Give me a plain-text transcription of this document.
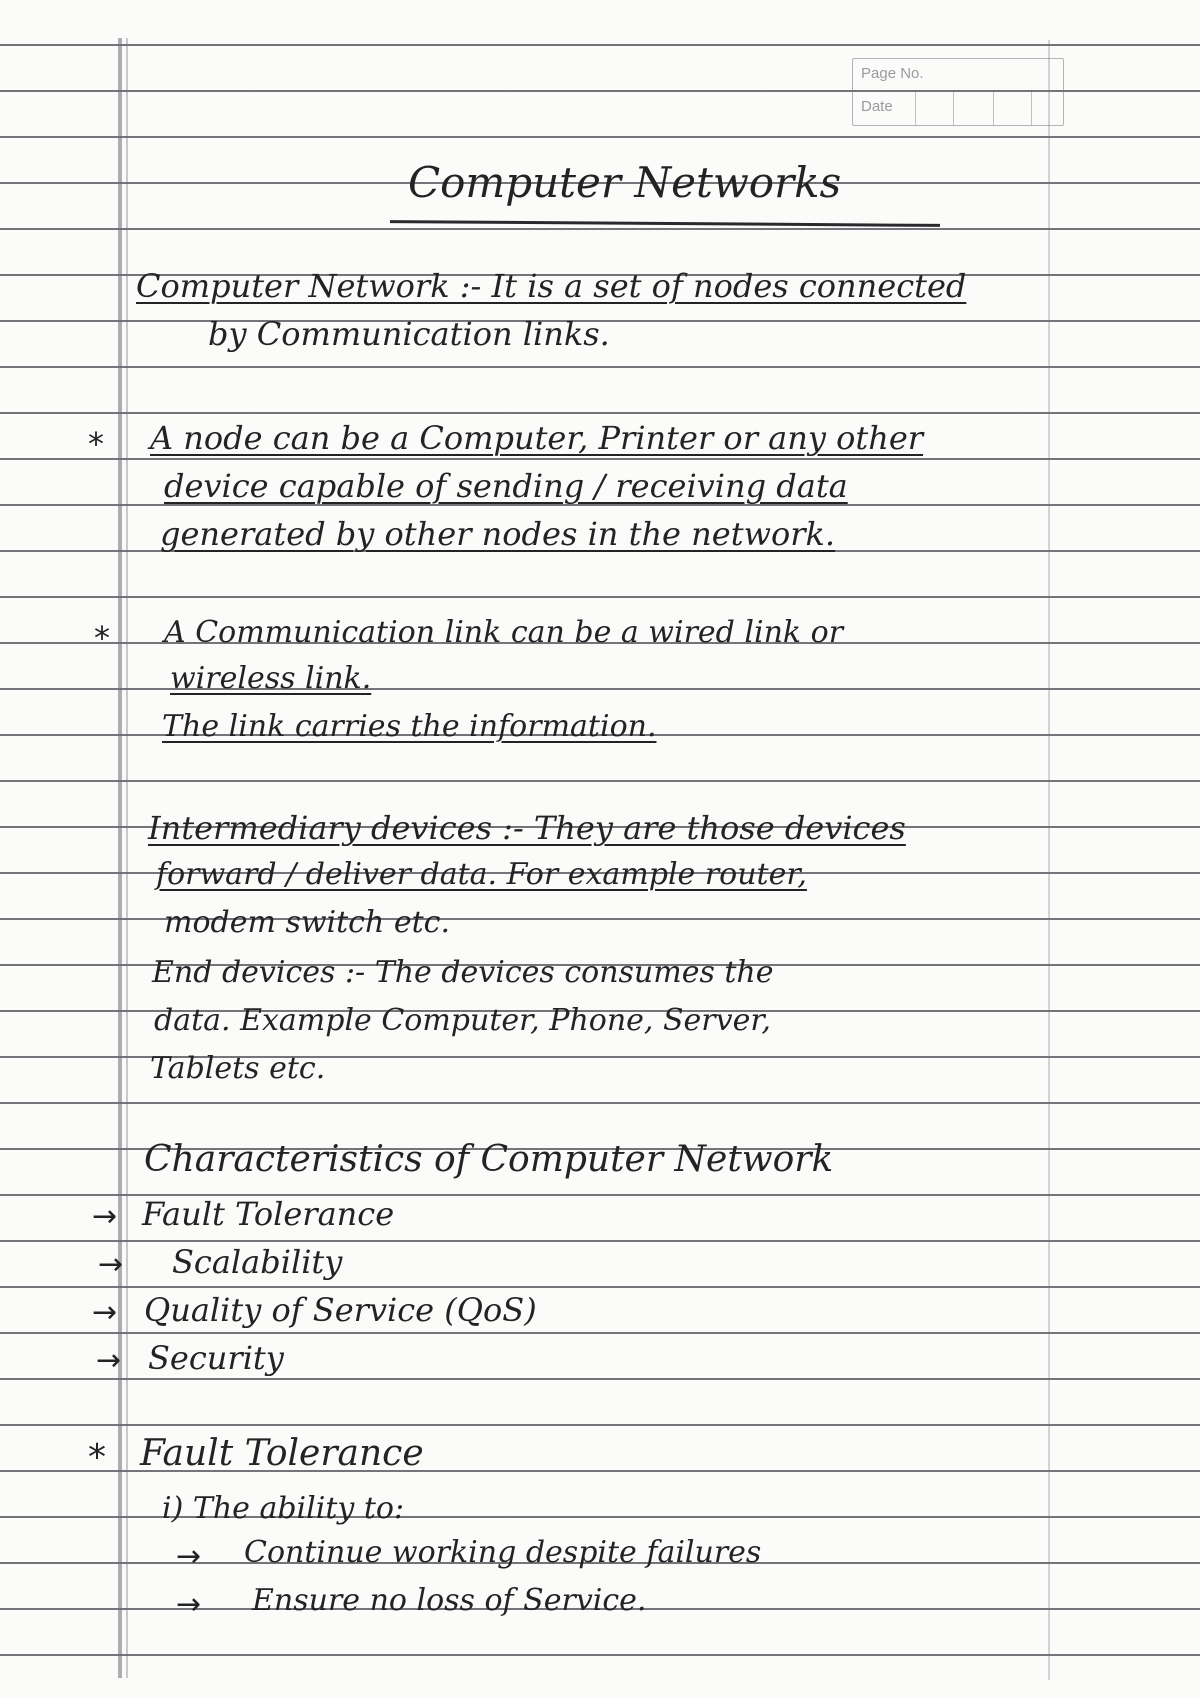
Page No.
Date
Computer Networks
Computer Network :- It is a set of nodes connected
by Communication links.
* A node can be a Computer, Printer or any other
device capable of sending / receiving data
generated by other nodes in the network.
* A Communication link can be a wired link or
wireless link.
The link carries the information.
Intermediary devices :- They are those devices
forward / deliver data. For example router,
modem switch etc.
End devices :- The devices consumes the
data. Example Computer, Phone, Server,
Tablets etc.
Characteristics of Computer Network
→ Fault Tolerance
→ Scalability
→ Quality of Service (QoS)
→ Security
* Fault Tolerance
i) The ability to:
→ Continue working despite failures
→ Ensure no loss of Service.
